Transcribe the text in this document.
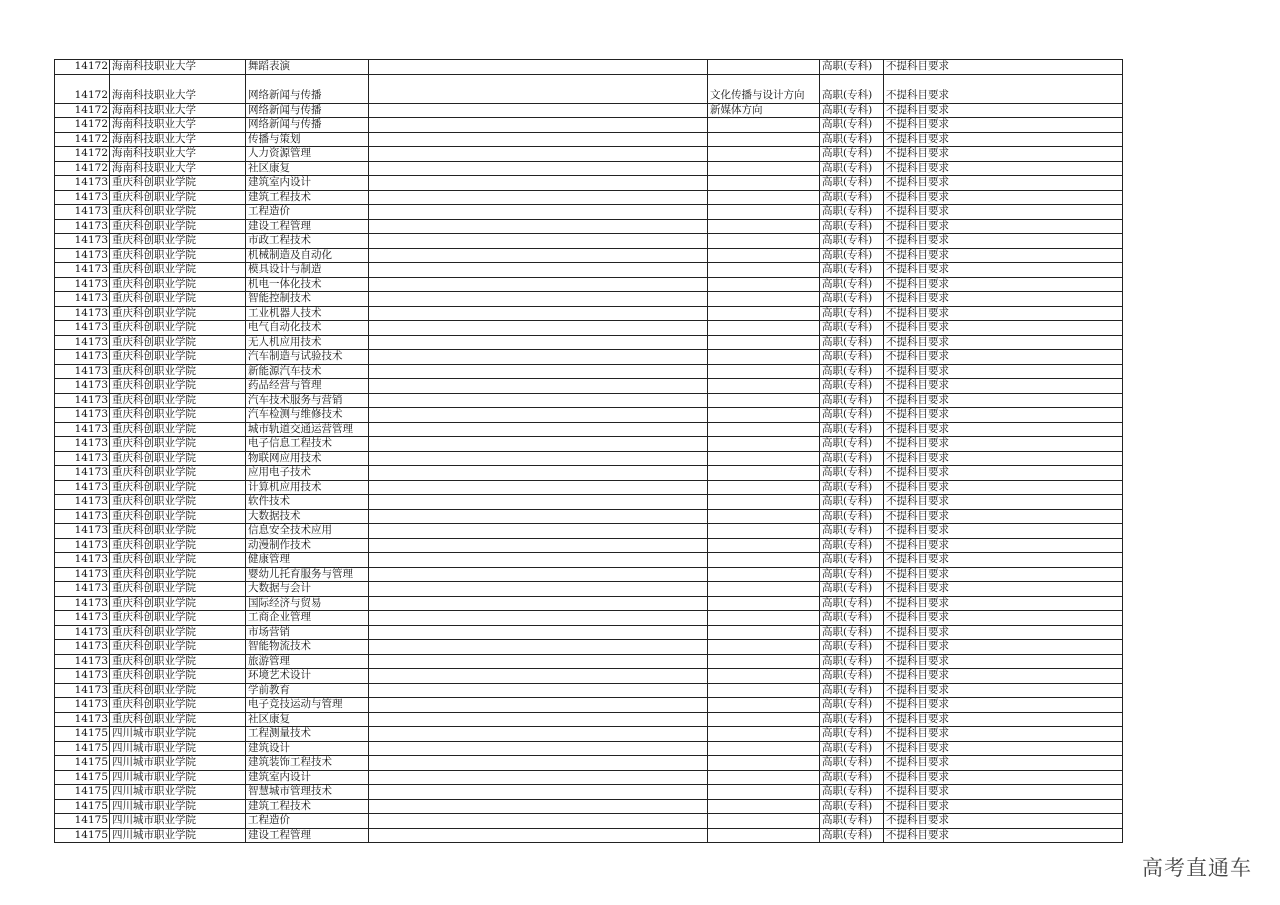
14172	海南科技职业大学	舞蹈表演			高职(专科)	不提科目要求
14172	海南科技职业大学	网络新闻与传播		文化传播与设计方向	高职(专科)	不提科目要求
14172	海南科技职业大学	网络新闻与传播		新媒体方向	高职(专科)	不提科目要求
14172	海南科技职业大学	网络新闻与传播			高职(专科)	不提科目要求
14172	海南科技职业大学	传播与策划			高职(专科)	不提科目要求
14172	海南科技职业大学	人力资源管理			高职(专科)	不提科目要求
14172	海南科技职业大学	社区康复			高职(专科)	不提科目要求
14173	重庆科创职业学院	建筑室内设计			高职(专科)	不提科目要求
14173	重庆科创职业学院	建筑工程技术			高职(专科)	不提科目要求
14173	重庆科创职业学院	工程造价			高职(专科)	不提科目要求
14173	重庆科创职业学院	建设工程管理			高职(专科)	不提科目要求
14173	重庆科创职业学院	市政工程技术			高职(专科)	不提科目要求
14173	重庆科创职业学院	机械制造及自动化			高职(专科)	不提科目要求
14173	重庆科创职业学院	模具设计与制造			高职(专科)	不提科目要求
14173	重庆科创职业学院	机电一体化技术			高职(专科)	不提科目要求
14173	重庆科创职业学院	智能控制技术			高职(专科)	不提科目要求
14173	重庆科创职业学院	工业机器人技术			高职(专科)	不提科目要求
14173	重庆科创职业学院	电气自动化技术			高职(专科)	不提科目要求
14173	重庆科创职业学院	无人机应用技术			高职(专科)	不提科目要求
14173	重庆科创职业学院	汽车制造与试验技术			高职(专科)	不提科目要求
14173	重庆科创职业学院	新能源汽车技术			高职(专科)	不提科目要求
14173	重庆科创职业学院	药品经营与管理			高职(专科)	不提科目要求
14173	重庆科创职业学院	汽车技术服务与营销			高职(专科)	不提科目要求
14173	重庆科创职业学院	汽车检测与维修技术			高职(专科)	不提科目要求
14173	重庆科创职业学院	城市轨道交通运营管理			高职(专科)	不提科目要求
14173	重庆科创职业学院	电子信息工程技术			高职(专科)	不提科目要求
14173	重庆科创职业学院	物联网应用技术			高职(专科)	不提科目要求
14173	重庆科创职业学院	应用电子技术			高职(专科)	不提科目要求
14173	重庆科创职业学院	计算机应用技术			高职(专科)	不提科目要求
14173	重庆科创职业学院	软件技术			高职(专科)	不提科目要求
14173	重庆科创职业学院	大数据技术			高职(专科)	不提科目要求
14173	重庆科创职业学院	信息安全技术应用			高职(专科)	不提科目要求
14173	重庆科创职业学院	动漫制作技术			高职(专科)	不提科目要求
14173	重庆科创职业学院	健康管理			高职(专科)	不提科目要求
14173	重庆科创职业学院	婴幼儿托育服务与管理			高职(专科)	不提科目要求
14173	重庆科创职业学院	大数据与会计			高职(专科)	不提科目要求
14173	重庆科创职业学院	国际经济与贸易			高职(专科)	不提科目要求
14173	重庆科创职业学院	工商企业管理			高职(专科)	不提科目要求
14173	重庆科创职业学院	市场营销			高职(专科)	不提科目要求
14173	重庆科创职业学院	智能物流技术			高职(专科)	不提科目要求
14173	重庆科创职业学院	旅游管理			高职(专科)	不提科目要求
14173	重庆科创职业学院	环境艺术设计			高职(专科)	不提科目要求
14173	重庆科创职业学院	学前教育			高职(专科)	不提科目要求
14173	重庆科创职业学院	电子竞技运动与管理			高职(专科)	不提科目要求
14173	重庆科创职业学院	社区康复			高职(专科)	不提科目要求
14175	四川城市职业学院	工程测量技术			高职(专科)	不提科目要求
14175	四川城市职业学院	建筑设计			高职(专科)	不提科目要求
14175	四川城市职业学院	建筑装饰工程技术			高职(专科)	不提科目要求
14175	四川城市职业学院	建筑室内设计			高职(专科)	不提科目要求
14175	四川城市职业学院	智慧城市管理技术			高职(专科)	不提科目要求
14175	四川城市职业学院	建筑工程技术			高职(专科)	不提科目要求
14175	四川城市职业学院	工程造价			高职(专科)	不提科目要求
14175	四川城市职业学院	建设工程管理			高职(专科)	不提科目要求
高考直通车
